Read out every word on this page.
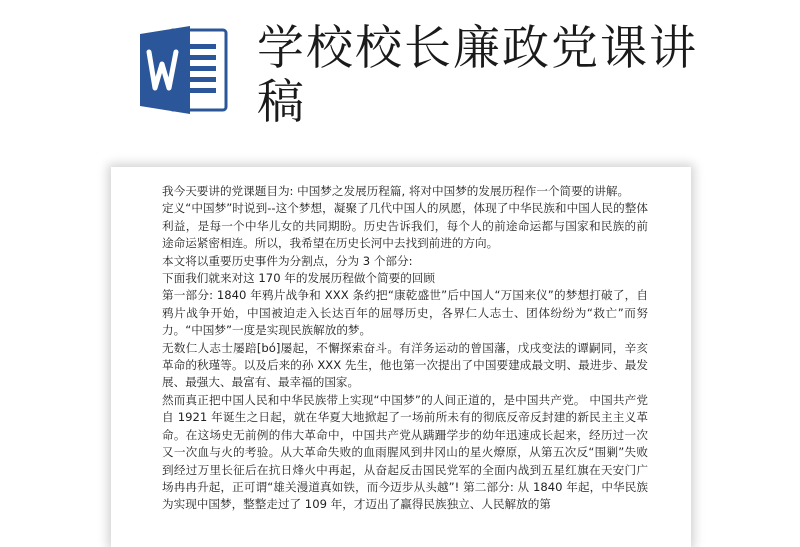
学校校长廉政党课讲稿

我今天要讲的党课题目为: 中国梦之发展历程篇, 将对中国梦的发展历程作一个简要的讲解。

定义“中国梦”时说到--这个梦想，凝聚了几代中国人的夙愿，体现了中华民族和中国人民的整体利益，是每一个中华儿女的共同期盼。历史告诉我们，每个人的前途命运都与国家和民族的前途命运紧密相连。所以，我希望在历史长河中去找到前进的方向。

本文将以重要历史事件为分割点，分为 3 个部分:

下面我们就来对这 170 年的发展历程做个简要的回顾

第一部分: 1840 年鸦片战争和 XXX 条约把“康乾盛世”后中国人“万国来仪”的梦想打破了，自鸦片战争开始，中国被迫走入长达百年的屈辱历史，各界仁人志士、团体纷纷为“救亡”而努力。“中国梦”一度是实现民族解放的梦。

无数仁人志士屡踣[bó]屡起，不懈探索奋斗。有洋务运动的曾国藩，戊戌变法的谭嗣同，辛亥革命的秋瑾等。以及后来的孙 XXX 先生，他也第一次提出了中国要建成最文明、最进步、最发展、最强大、最富有、最幸福的国家。

然而真正把中国人民和中华民族带上实现“中国梦”的人间正道的，是中国共产党。 中国共产党自 1921 年诞生之日起，就在华夏大地掀起了一场前所未有的彻底反帝反封建的新民主主义革命。在这场史无前例的伟大革命中，中国共产党从蹒跚学步的幼年迅速成长起来，经历过一次又一次血与火的考验。从大革命失败的血雨腥风到井冈山的星火燎原，从第五次反“围剿”失败到经过万里长征后在抗日烽火中再起，从奋起反击国民党军的全面内战到五星红旗在天安门广场冉冉升起，正可谓“雄关漫道真如铁，而今迈步从头越”! 第二部分: 从 1840 年起，中华民族为实现中国梦，整整走过了 109 年，才迈出了赢得民族独立、人民解放的第
